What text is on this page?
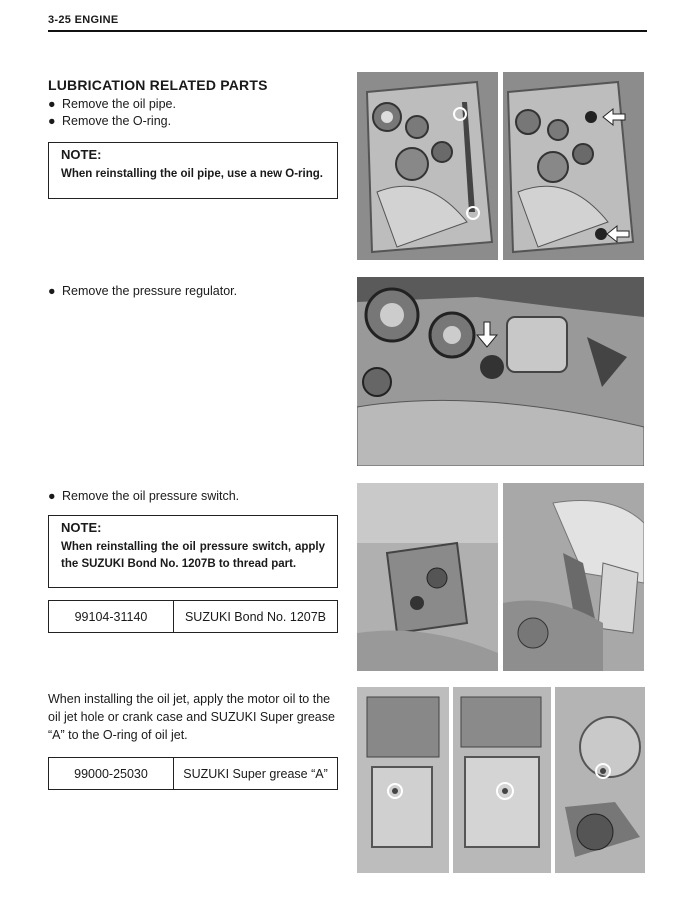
3-25 ENGINE
LUBRICATION RELATED PARTS
● Remove the oil pipe.
● Remove the O-ring.
NOTE:
When reinstalling the oil pipe, use a new O-ring.
● Remove the pressure regulator.
● Remove the oil pressure switch.
NOTE:
When reinstalling the oil pressure switch, apply the SUZUKI Bond No. 1207B to thread part.
99104-31140	SUZUKI Bond No. 1207B
When installing the oil jet, apply the motor oil to the oil jet hole or crank case and SUZUKI Super grease “A” to the O-ring of oil jet.
99000-25030	SUZUKI Super grease “A”
